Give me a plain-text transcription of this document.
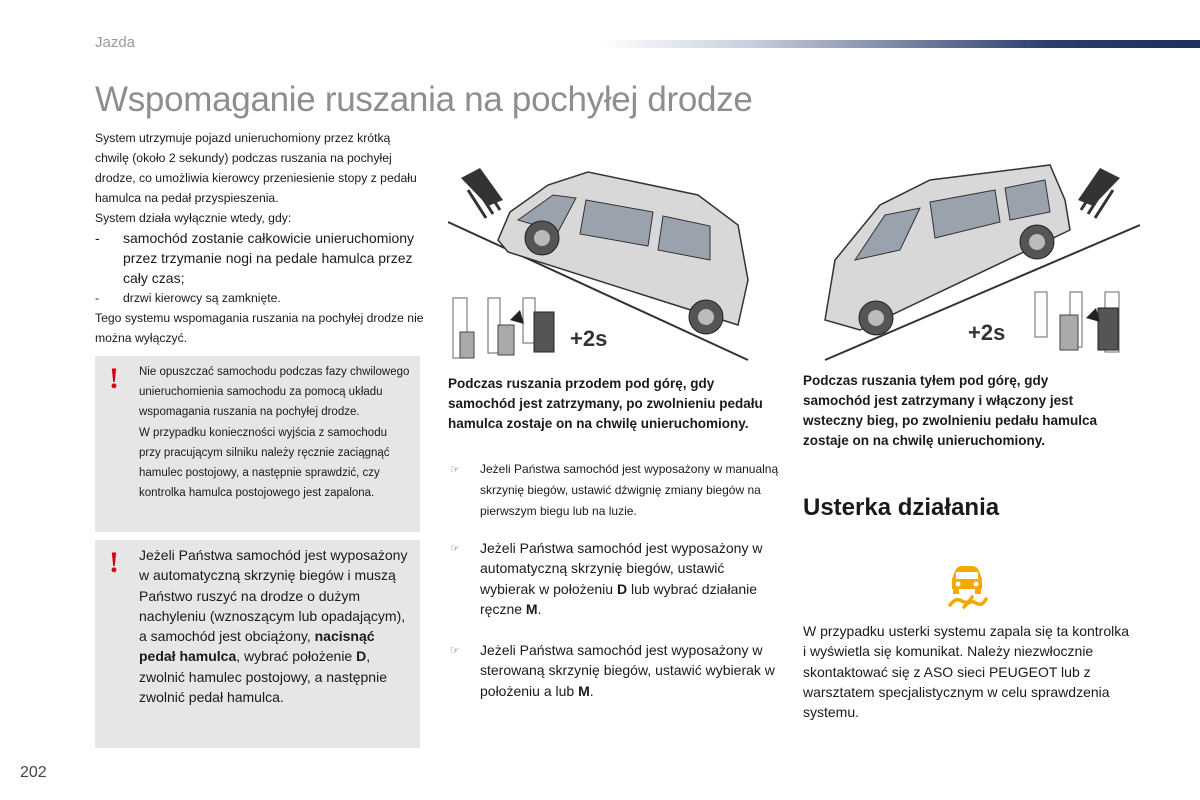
Jazda
Wspomaganie ruszania na pochyłej drodze

System utrzymuje pojazd unieruchomiony przez krótką chwilę (około 2 sekundy) podczas ruszania na pochyłej drodze, co umożliwia kierowcy przeniesienie stopy z pedału hamulca na pedał przyspieszenia.

System działa wyłącznie wtedy, gdy:

-	samochód zostanie całkowicie unieruchomiony przez trzymanie nogi na pedale hamulca przez cały czas;
-	drzwi kierowcy są zamknięte.

Tego systemu wspomagania ruszania na pochyłej drodze nie można wyłączyć.

! Nie opuszczać samochodu podczas fazy chwilowego unieruchomienia samochodu za pomocą układu wspomagania ruszania na pochyłej drodze.

W przypadku konieczności wyjścia z samochodu przy pracującym silniku należy ręcznie zaciągnąć hamulec postojowy, a następnie sprawdzić, czy kontrolka hamulca postojowego jest zapalona.

! Jeżeli Państwa samochód jest wyposażony w automatyczną skrzynię biegów i muszą Państwo ruszyć na drodze o dużym nachyleniu (wznoszącym lub opadającym), a samochód jest obciążony, nacisnąć pedał hamulca, wybrać położenie D, zwolnić hamulec postojowy, a następnie zwolnić pedał hamulca.

+2s	+2s
Podczas ruszania przodem pod górę, gdy samochód jest zatrzymany, po zwolnieniu pedału hamulca zostaje on na chwilę unieruchomiony.
☞	Jeżeli Państwa samochód jest wyposażony w manualną skrzynię biegów, ustawić dźwignię zmiany biegów na pierwszym biegu lub na luzie.

☞	Jeżeli Państwa samochód jest wyposażony w automatyczną skrzynię biegów, ustawić wybierak w położeniu D lub wybrać działanie ręczne M.

☞	Jeżeli Państwa samochód jest wyposażony w sterowaną skrzynię biegów, ustawić wybierak w położeniu a lub M.

Podczas ruszania tyłem pod górę, gdy samochód jest zatrzymany i włączony jest wsteczny bieg, po zwolnieniu pedału hamulca zostaje on na chwilę unieruchomiony.
Usterka działania

W przypadku usterki systemu zapala się ta kontrolka i wyświetla się komunikat. Należy niezwłocznie skontaktować się z ASO sieci PEUGEOT lub z warsztatem specjalistycznym w celu sprawdzenia systemu.

202
